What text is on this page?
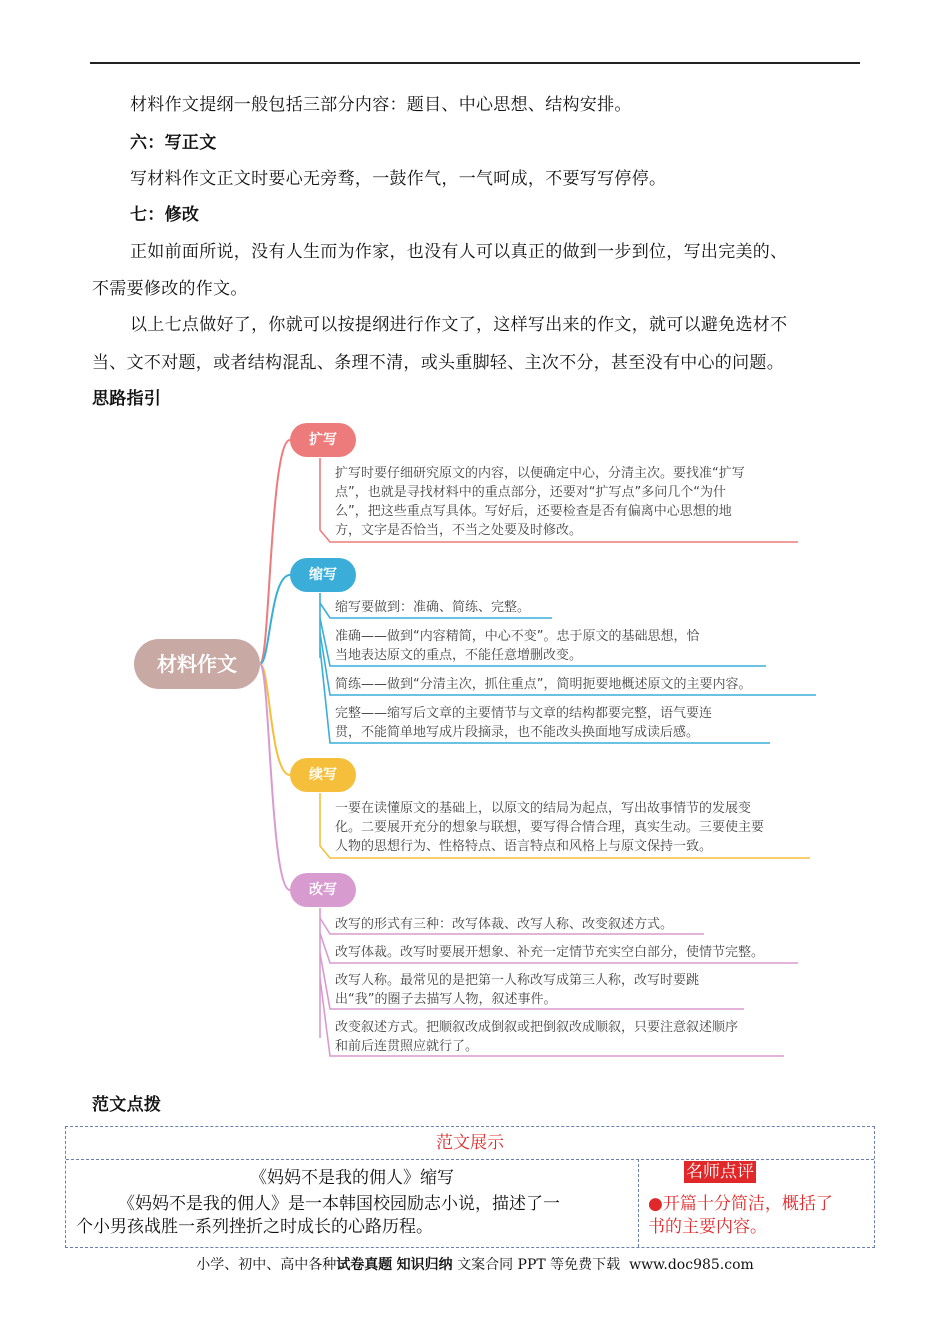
材料作文提纲一般包括三部分内容：题目、中心思想、结构安排。
六：写正文
写材料作文正文时要心无旁骛，一鼓作气，一气呵成，不要写写停停。
七：修改
正如前面所说，没有人生而为作家，也没有人可以真正的做到一步到位，写出完美的、
不需要修改的作文。
以上七点做好了，你就可以按提纲进行作文了，这样写出来的作文，就可以避免选材不
当、文不对题，或者结构混乱、条理不清，或头重脚轻、主次不分，甚至没有中心的问题。
思路指引
材料作文
扩写
缩写
续写
改写
扩写时要仔细研究原文的内容，以便确定中心，分清主次。要找准“扩写
点”，也就是寻找材料中的重点部分，还要对“扩写点”多问几个“为什
么”，把这些重点写具体。写好后，还要检查是否有偏离中心思想的地
方，文字是否恰当，不当之处要及时修改。
缩写要做到：准确、简练、完整。
准确——做到“内容精简，中心不变”。忠于原文的基础思想，恰
当地表达原文的重点，不能任意增删改变。
简练——做到“分清主次，抓住重点”，简明扼要地概述原文的主要内容。
完整——缩写后文章的主要情节与文章的结构都要完整，语气要连
贯，不能简单地写成片段摘录，也不能改头换面地写成读后感。
一要在读懂原文的基础上，以原文的结局为起点，写出故事情节的发展变
化。二要展开充分的想象与联想，要写得合情合理，真实生动。三要使主要
人物的思想行为、性格特点、语言特点和风格上与原文保持一致。
改写的形式有三种：改写体裁、改写人称、改变叙述方式。
改写体裁。改写时要展开想象、补充一定情节充实空白部分，使情节完整。
改写人称。最常见的是把第一人称改写成第三人称，改写时要跳
出“我”的圈子去描写人物，叙述事件。
改变叙述方式。把顺叙改成倒叙或把倒叙改成顺叙，只要注意叙述顺序
和前后连贯照应就行了。
范文点拨
范文展示
《妈妈不是我的佣人》缩写
《妈妈不是我的佣人》是一本韩国校园励志小说，描述了一
个小男孩战胜一系列挫折之时成长的心路历程。
名师点评
●开篇十分简洁，概括了
书的主要内容。
小学、初中、高中各种试卷真题 知识归纳 文案合同 PPT 等免费下载 www.doc985.com
